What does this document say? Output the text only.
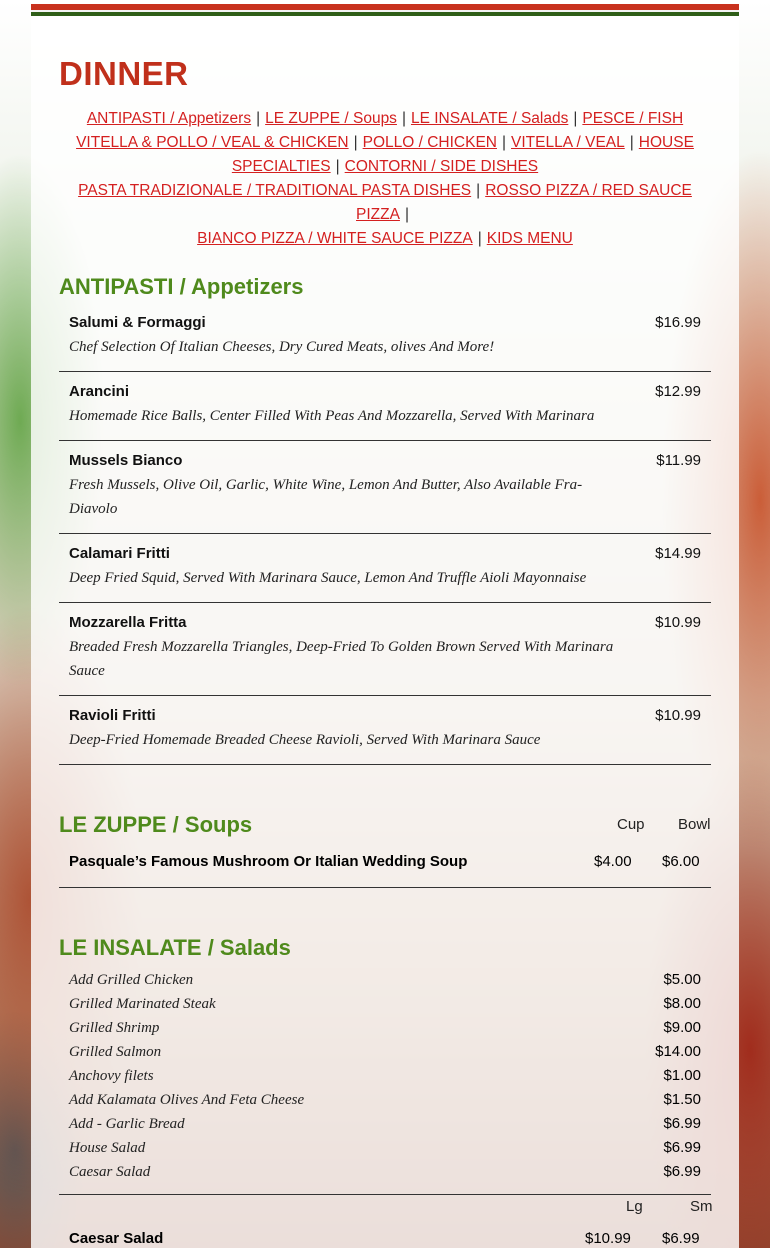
DINNER
ANTIPASTI / Appetizers | LE ZUPPE / Soups | LE INSALATE / Salads | PESCE / FISH
VITELLA & POLLO / VEAL & CHICKEN | POLLO / CHICKEN | VITELLA / VEAL | HOUSE SPECIALTIES | CONTORNI / SIDE DISHES
PASTA TRADIZIONALE / TRADITIONAL PASTA DISHES | ROSSO PIZZA / RED SAUCE PIZZA |
BIANCO PIZZA / WHITE SAUCE PIZZA | KIDS MENU
ANTIPASTI / Appetizers
Salumi & Formaggi
Chef Selection Of Italian Cheeses, Dry Cured Meats, olives And More!
$16.99
Arancini
Homemade Rice Balls, Center Filled With Peas And Mozzarella, Served With Marinara
$12.99
Mussels Bianco
Fresh Mussels, Olive Oil, Garlic, White Wine, Lemon And Butter, Also Available Fra-Diavolo
$11.99
Calamari Fritti
Deep Fried Squid, Served With Marinara Sauce, Lemon And Truffle Aioli Mayonnaise
$14.99
Mozzarella Fritta
Breaded Fresh Mozzarella Triangles, Deep-Fried To Golden Brown Served With Marinara Sauce
$10.99
Ravioli Fritti
Deep-Fried Homemade Breaded Cheese Ravioli, Served With Marinara Sauce
$10.99
LE ZUPPE / Soups	Cup Bowl
Pasquale’s Famous Mushroom Or Italian Wedding Soup	$4.00 $6.00
LE INSALATE / Salads
Add Grilled Chicken	$5.00
Grilled Marinated Steak	$8.00
Grilled Shrimp	$9.00
Grilled Salmon	$14.00
Anchovy filets	$1.00
Add Kalamata Olives And Feta Cheese	$1.50
Add - Garlic Bread	$6.99
House Salad	$6.99
Caesar Salad	$6.99
Lg	Sm
Caesar Salad	$10.99 $6.99
